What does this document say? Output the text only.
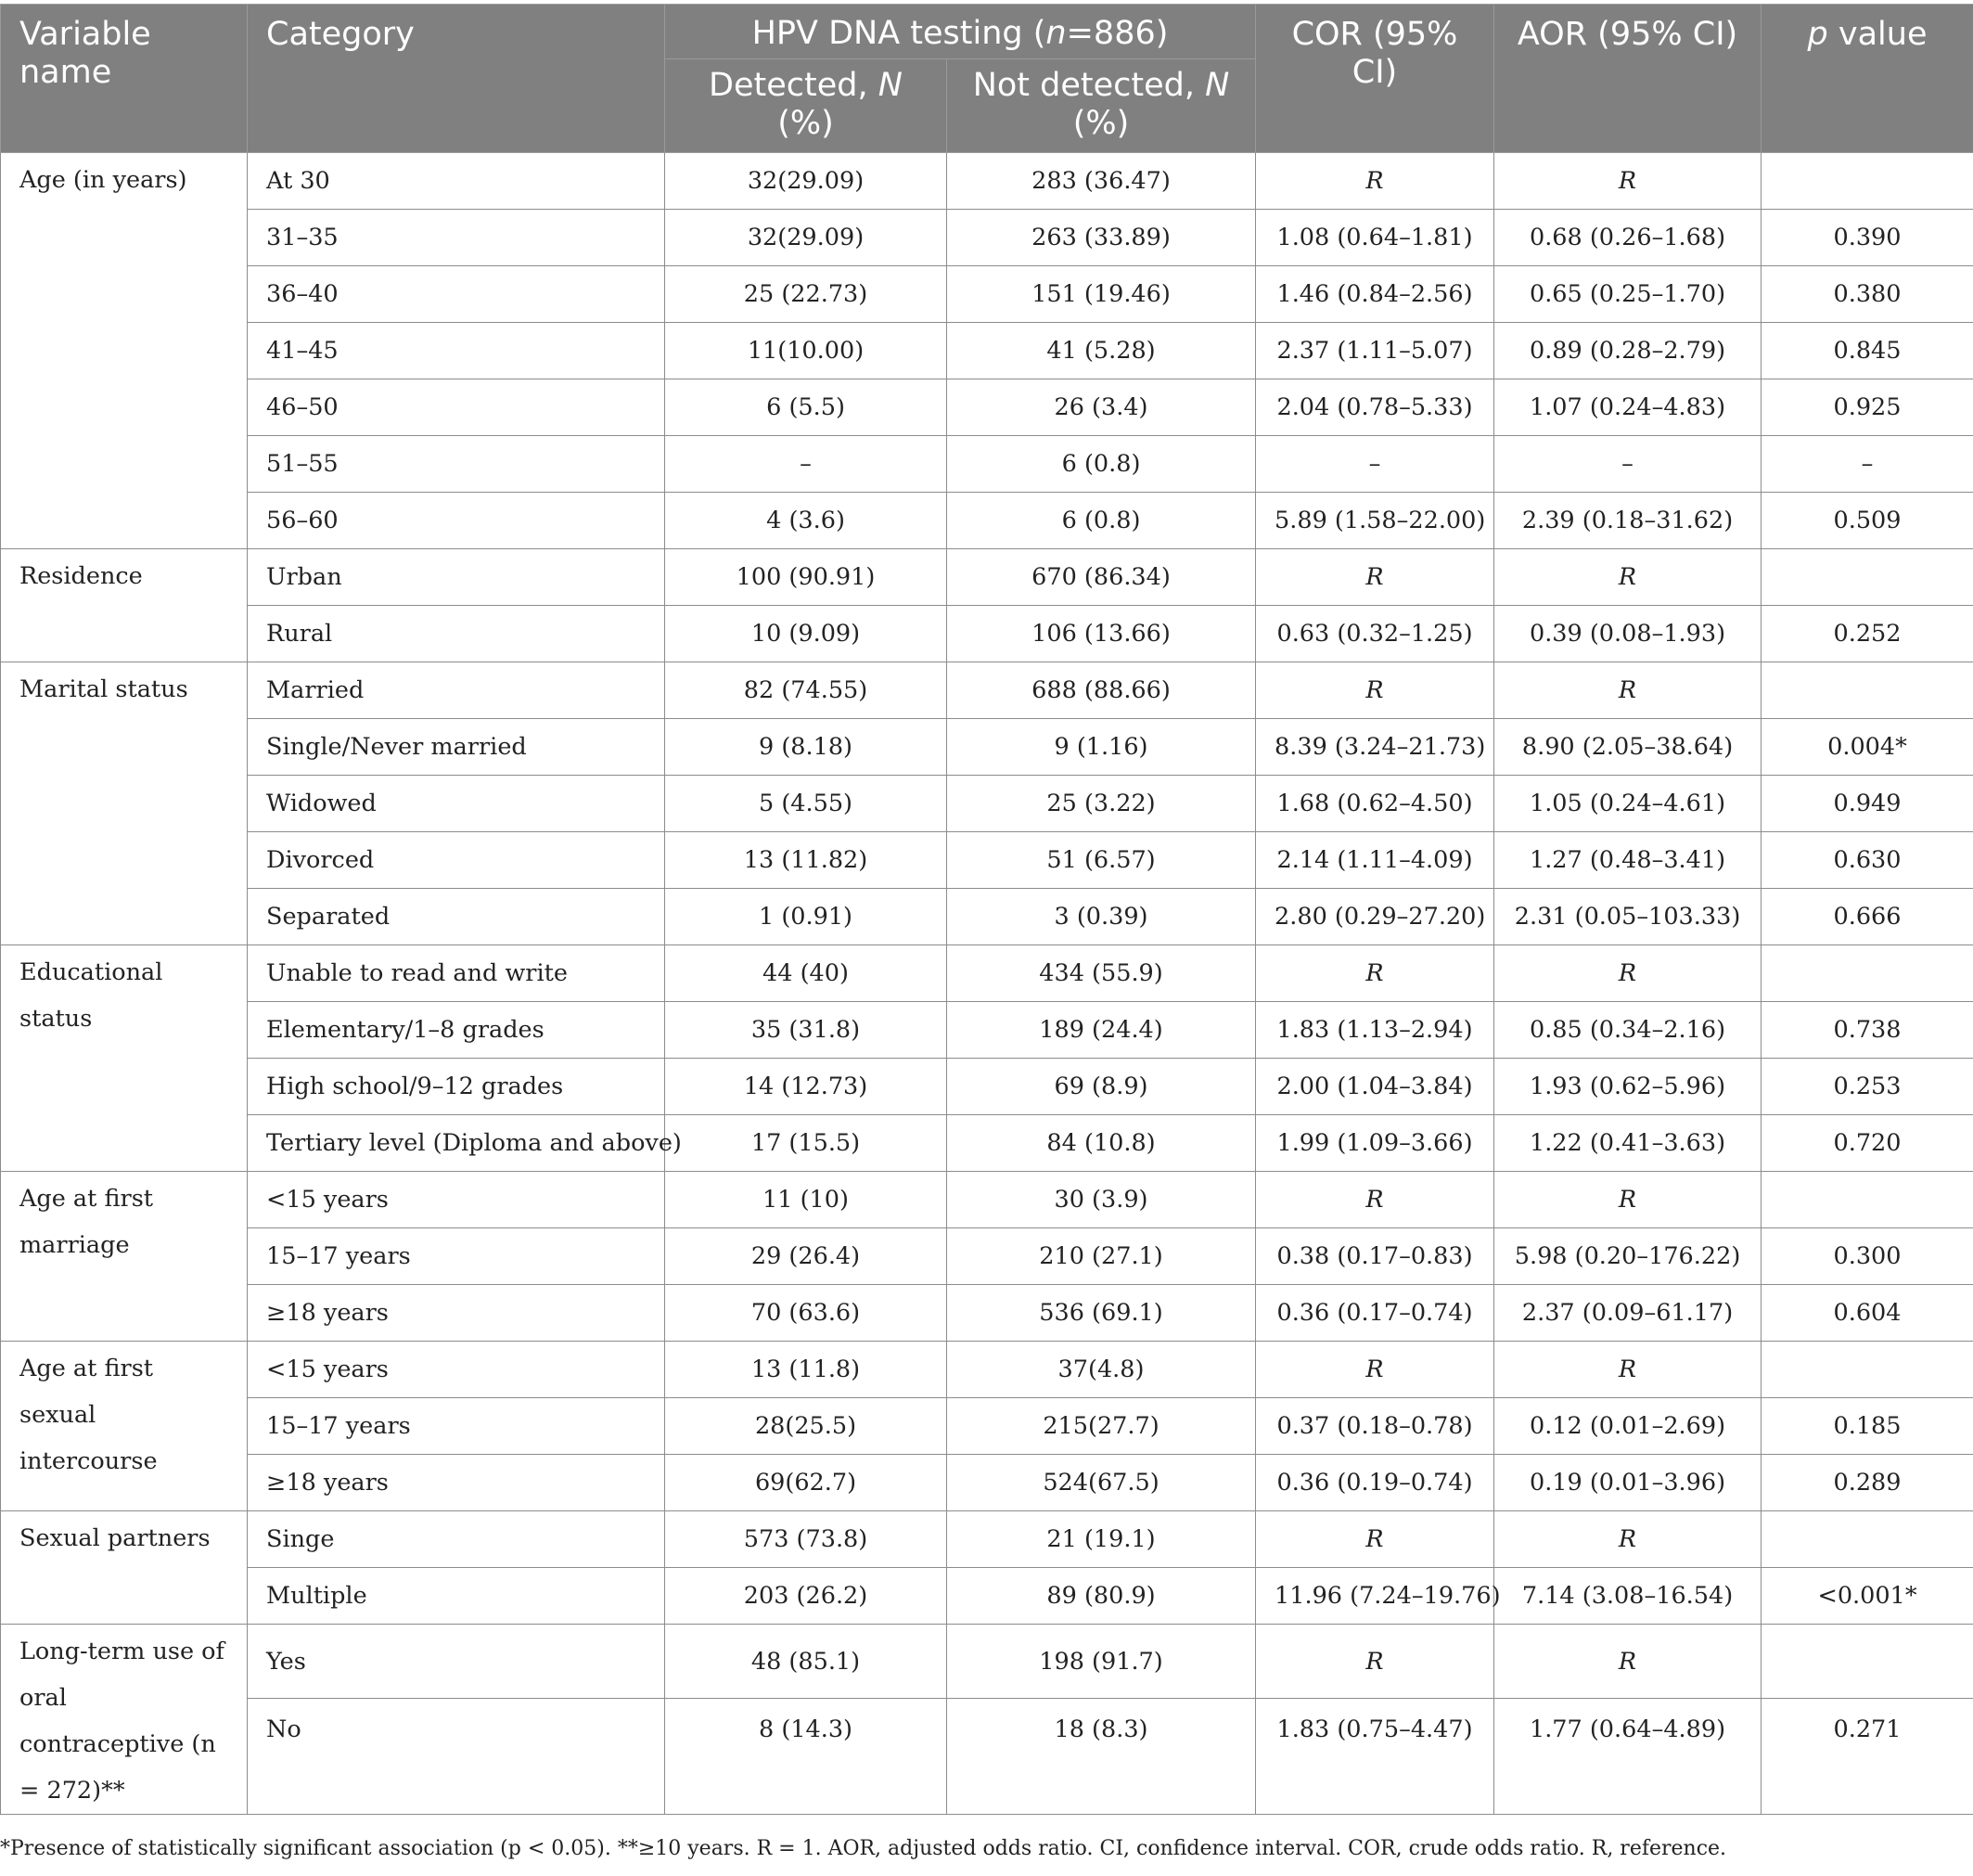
Variable name	Category	HPV DNA testing (n=886)		COR (95% CI)	AOR (95% CI)	p value
		Detected, N (%)	Not detected, N (%)			
Age (in years)	At 30	32(29.09)	283 (36.47)	R	R	
	31–35	32(29.09)	263 (33.89)	1.08 (0.64–1.81)	0.68 (0.26–1.68)	0.390
	36–40	25 (22.73)	151 (19.46)	1.46 (0.84–2.56)	0.65 (0.25–1.70)	0.380
	41–45	11(10.00)	41 (5.28)	2.37 (1.11–5.07)	0.89 (0.28–2.79)	0.845
	46–50	6 (5.5)	26 (3.4)	2.04 (0.78–5.33)	1.07 (0.24–4.83)	0.925
	51–55	–	6 (0.8)	–	–	–
	56–60	4 (3.6)	6 (0.8)	5.89 (1.58–22.00)	2.39 (0.18–31.62)	0.509
Residence	Urban	100 (90.91)	670 (86.34)	R	R	
	Rural	10 (9.09)	106 (13.66)	0.63 (0.32–1.25)	0.39 (0.08–1.93)	0.252
Marital status	Married	82 (74.55)	688 (88.66)	R	R	
	Single/Never married	9 (8.18)	9 (1.16)	8.39 (3.24–21.73)	8.90 (2.05–38.64)	0.004*
	Widowed	5 (4.55)	25 (3.22)	1.68 (0.62–4.50)	1.05 (0.24–4.61)	0.949
	Divorced	13 (11.82)	51 (6.57)	2.14 (1.11–4.09)	1.27 (0.48–3.41)	0.630
	Separated	1 (0.91)	3 (0.39)	2.80 (0.29–27.20)	2.31 (0.05–103.33)	0.666
Educational status	Unable to read and write	44 (40)	434 (55.9)	R	R	
	Elementary/1–8 grades	35 (31.8)	189 (24.4)	1.83 (1.13–2.94)	0.85 (0.34–2.16)	0.738
	High school/9–12 grades	14 (12.73)	69 (8.9)	2.00 (1.04–3.84)	1.93 (0.62–5.96)	0.253
	Tertiary level (Diploma and above)	17 (15.5)	84 (10.8)	1.99 (1.09–3.66)	1.22 (0.41–3.63)	0.720
Age at first marriage	<15 years	11 (10)	30 (3.9)	R	R	
	15–17 years	29 (26.4)	210 (27.1)	0.38 (0.17–0.83)	5.98 (0.20–176.22)	0.300
	≥18 years	70 (63.6)	536 (69.1)	0.36 (0.17–0.74)	2.37 (0.09–61.17)	0.604
Age at first sexual intercourse	<15 years	13 (11.8)	37(4.8)	R	R	
	15–17 years	28(25.5)	215(27.7)	0.37 (0.18–0.78)	0.12 (0.01–2.69)	0.185
	≥18 years	69(62.7)	524(67.5)	0.36 (0.19–0.74)	0.19 (0.01–3.96)	0.289
Sexual partners	Singe	573 (73.8)	21 (19.1)	R	R	
	Multiple	203 (26.2)	89 (80.9)	11.96 (7.24–19.76)	7.14 (3.08–16.54)	<0.001*
Long-term use of oral contraceptive (n = 272)**	Yes	48 (85.1)	198 (91.7)	R	R	
	No	8 (14.3)	18 (8.3)	1.83 (0.75–4.47)	1.77 (0.64–4.89)	0.271
*Presence of statistically significant association (p < 0.05). **≥10 years. R = 1. AOR, adjusted odds ratio. CI, confidence interval. COR, crude odds ratio. R, reference.
